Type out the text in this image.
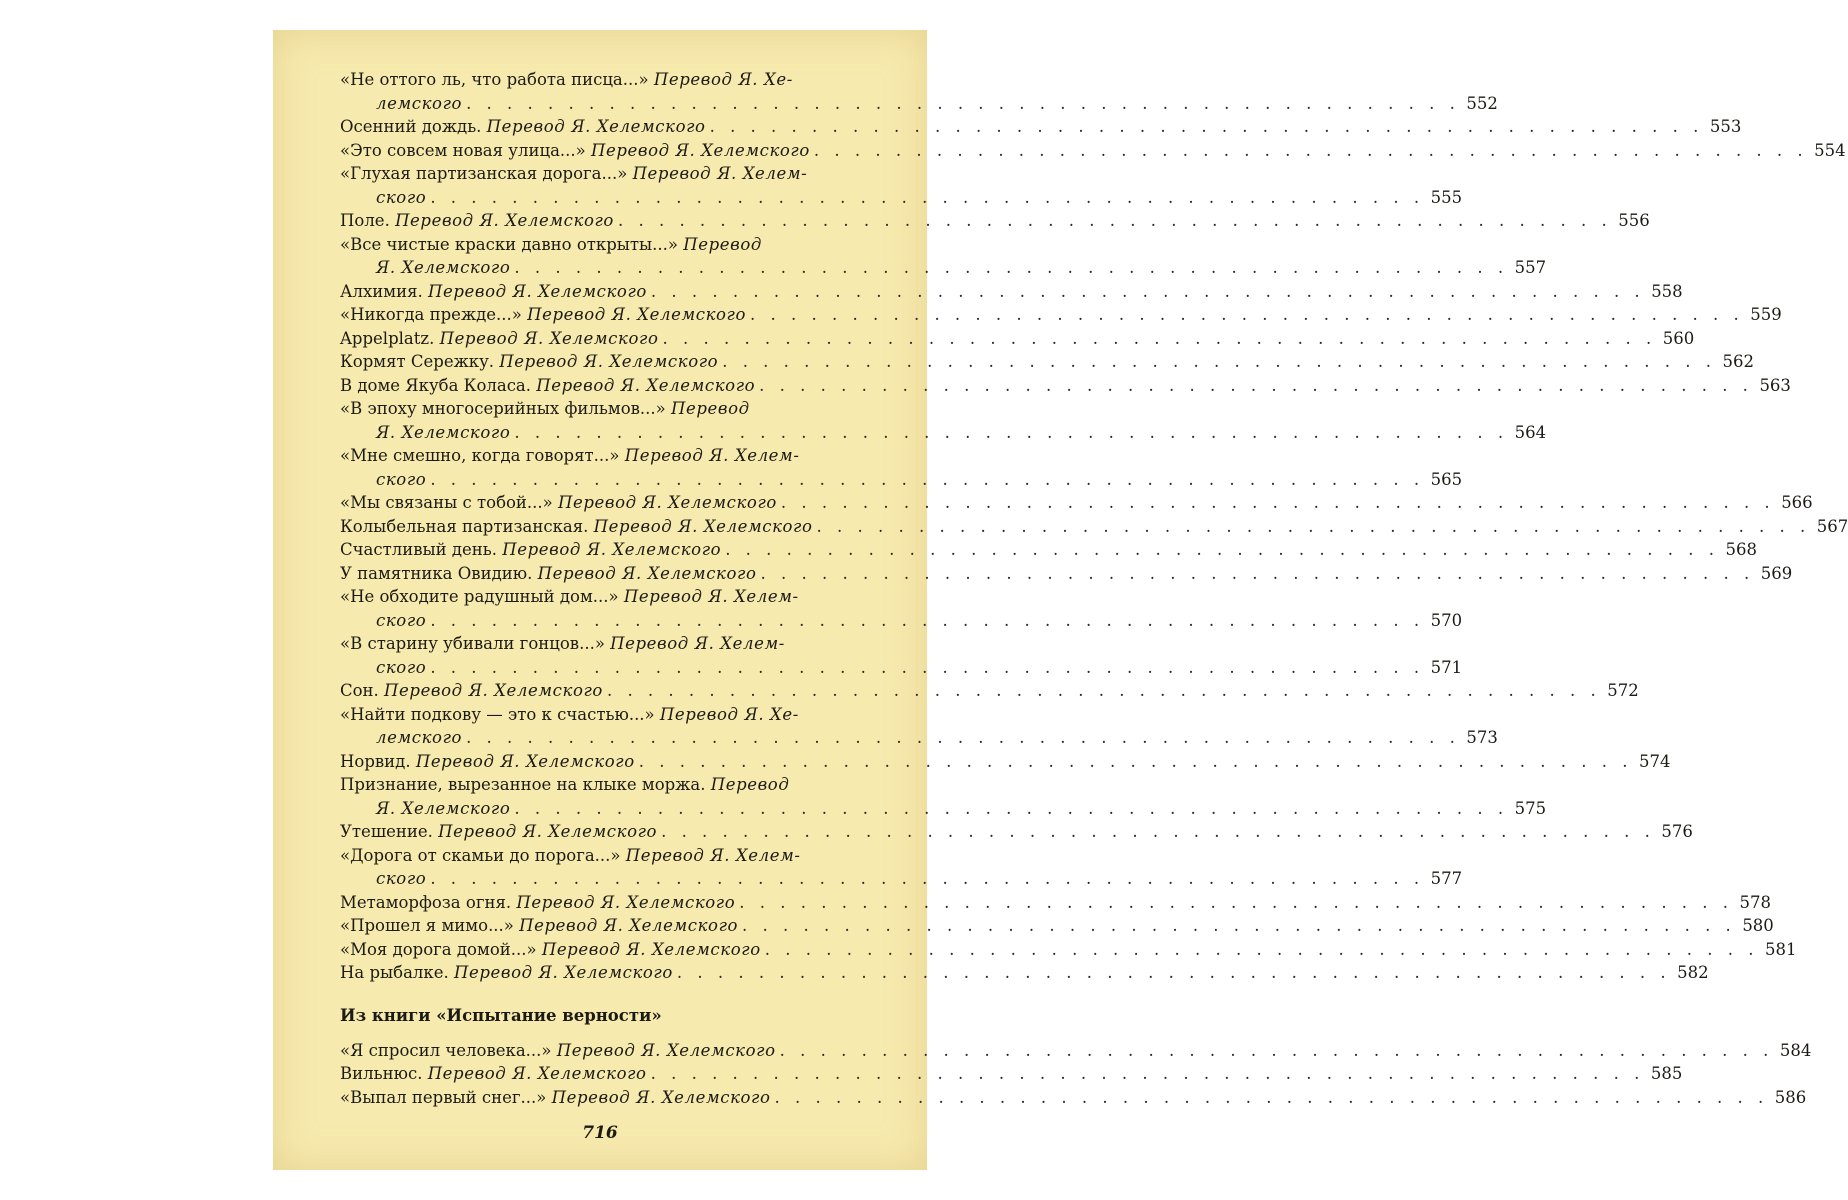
«Не оттого ль, что работа писца...» Перевод Я. Хе-
лемского . . . . . . . . . . . . . . . . . . . . . . . . . . . . . . . . . . . . . . . . . . . . . . . . . 552
Осенний дождь. Перевод Я. Хелемского . . . . . . . . . . . . . . . . . . . . . . . . . . . . . . . . . . . . . . . . . . . . . . . . . 553
«Это совсем новая улица...» Перевод Я. Хелемского . . . . . . . . . . . . . . . . . . . . . . . . . . . . . . . . . . . . . . . . . . . . . . . . . 554
«Глухая партизанская дорога...» Перевод Я. Хелем-
ского . . . . . . . . . . . . . . . . . . . . . . . . . . . . . . . . . . . . . . . . . . . . . . . . . 555
Поле. Перевод Я. Хелемского . . . . . . . . . . . . . . . . . . . . . . . . . . . . . . . . . . . . . . . . . . . . . . . . . 556
«Все чистые краски давно открыты...» Перевод
Я. Хелемского . . . . . . . . . . . . . . . . . . . . . . . . . . . . . . . . . . . . . . . . . . . . . . . . . 557
Алхимия. Перевод Я. Хелемского . . . . . . . . . . . . . . . . . . . . . . . . . . . . . . . . . . . . . . . . . . . . . . . . . 558
«Никогда прежде...» Перевод Я. Хелемского . . . . . . . . . . . . . . . . . . . . . . . . . . . . . . . . . . . . . . . . . . . . . . . . . 559
Appelplatz. Перевод Я. Хелемского . . . . . . . . . . . . . . . . . . . . . . . . . . . . . . . . . . . . . . . . . . . . . . . . . 560
Кормят Сережку. Перевод Я. Хелемского . . . . . . . . . . . . . . . . . . . . . . . . . . . . . . . . . . . . . . . . . . . . . . . . . 562
В доме Якуба Коласа. Перевод Я. Хелемского . . . . . . . . . . . . . . . . . . . . . . . . . . . . . . . . . . . . . . . . . . . . . . . . . 563
«В эпоху многосерийных фильмов...» Перевод
Я. Хелемского . . . . . . . . . . . . . . . . . . . . . . . . . . . . . . . . . . . . . . . . . . . . . . . . . 564
«Мне смешно, когда говорят...» Перевод Я. Хелем-
ского . . . . . . . . . . . . . . . . . . . . . . . . . . . . . . . . . . . . . . . . . . . . . . . . . 565
«Мы связаны с тобой...» Перевод Я. Хелемского . . . . . . . . . . . . . . . . . . . . . . . . . . . . . . . . . . . . . . . . . . . . . . . . . 566
Колыбельная партизанская. Перевод Я. Хелемского . . . . . . . . . . . . . . . . . . . . . . . . . . . . . . . . . . . . . . . . . . . . . . . . . 567
Счастливый день. Перевод Я. Хелемского . . . . . . . . . . . . . . . . . . . . . . . . . . . . . . . . . . . . . . . . . . . . . . . . . 568
У памятника Овидию. Перевод Я. Хелемского . . . . . . . . . . . . . . . . . . . . . . . . . . . . . . . . . . . . . . . . . . . . . . . . . 569
«Не обходите радушный дом...» Перевод Я. Хелем-
ского . . . . . . . . . . . . . . . . . . . . . . . . . . . . . . . . . . . . . . . . . . . . . . . . . 570
«В старину убивали гонцов...» Перевод Я. Хелем-
ского . . . . . . . . . . . . . . . . . . . . . . . . . . . . . . . . . . . . . . . . . . . . . . . . . 571
Сон. Перевод Я. Хелемского . . . . . . . . . . . . . . . . . . . . . . . . . . . . . . . . . . . . . . . . . . . . . . . . . 572
«Найти подкову — это к счастью...» Перевод Я. Хе-
лемского . . . . . . . . . . . . . . . . . . . . . . . . . . . . . . . . . . . . . . . . . . . . . . . . . 573
Норвид. Перевод Я. Хелемского . . . . . . . . . . . . . . . . . . . . . . . . . . . . . . . . . . . . . . . . . . . . . . . . . 574
Признание, вырезанное на клыке моржа. Перевод
Я. Хелемского . . . . . . . . . . . . . . . . . . . . . . . . . . . . . . . . . . . . . . . . . . . . . . . . . 575
Утешение. Перевод Я. Хелемского . . . . . . . . . . . . . . . . . . . . . . . . . . . . . . . . . . . . . . . . . . . . . . . . . 576
«Дорога от скамьи до порога...» Перевод Я. Хелем-
ского . . . . . . . . . . . . . . . . . . . . . . . . . . . . . . . . . . . . . . . . . . . . . . . . . 577
Метаморфоза огня. Перевод Я. Хелемского . . . . . . . . . . . . . . . . . . . . . . . . . . . . . . . . . . . . . . . . . . . . . . . . . 578
«Прошел я мимо...» Перевод Я. Хелемского . . . . . . . . . . . . . . . . . . . . . . . . . . . . . . . . . . . . . . . . . . . . . . . . . 580
«Моя дорога домой...» Перевод Я. Хелемского . . . . . . . . . . . . . . . . . . . . . . . . . . . . . . . . . . . . . . . . . . . . . . . . . 581
На рыбалке. Перевод Я. Хелемского . . . . . . . . . . . . . . . . . . . . . . . . . . . . . . . . . . . . . . . . . . . . . . . . . 582
Из книги «Испытание верности»
«Я спросил человека...» Перевод Я. Хелемского . . . . . . . . . . . . . . . . . . . . . . . . . . . . . . . . . . . . . . . . . . . . . . . . . 584
Вильнюс. Перевод Я. Хелемского . . . . . . . . . . . . . . . . . . . . . . . . . . . . . . . . . . . . . . . . . . . . . . . . . 585
«Выпал первый снег...» Перевод Я. Хелемского . . . . . . . . . . . . . . . . . . . . . . . . . . . . . . . . . . . . . . . . . . . . . . . . . 586
716
